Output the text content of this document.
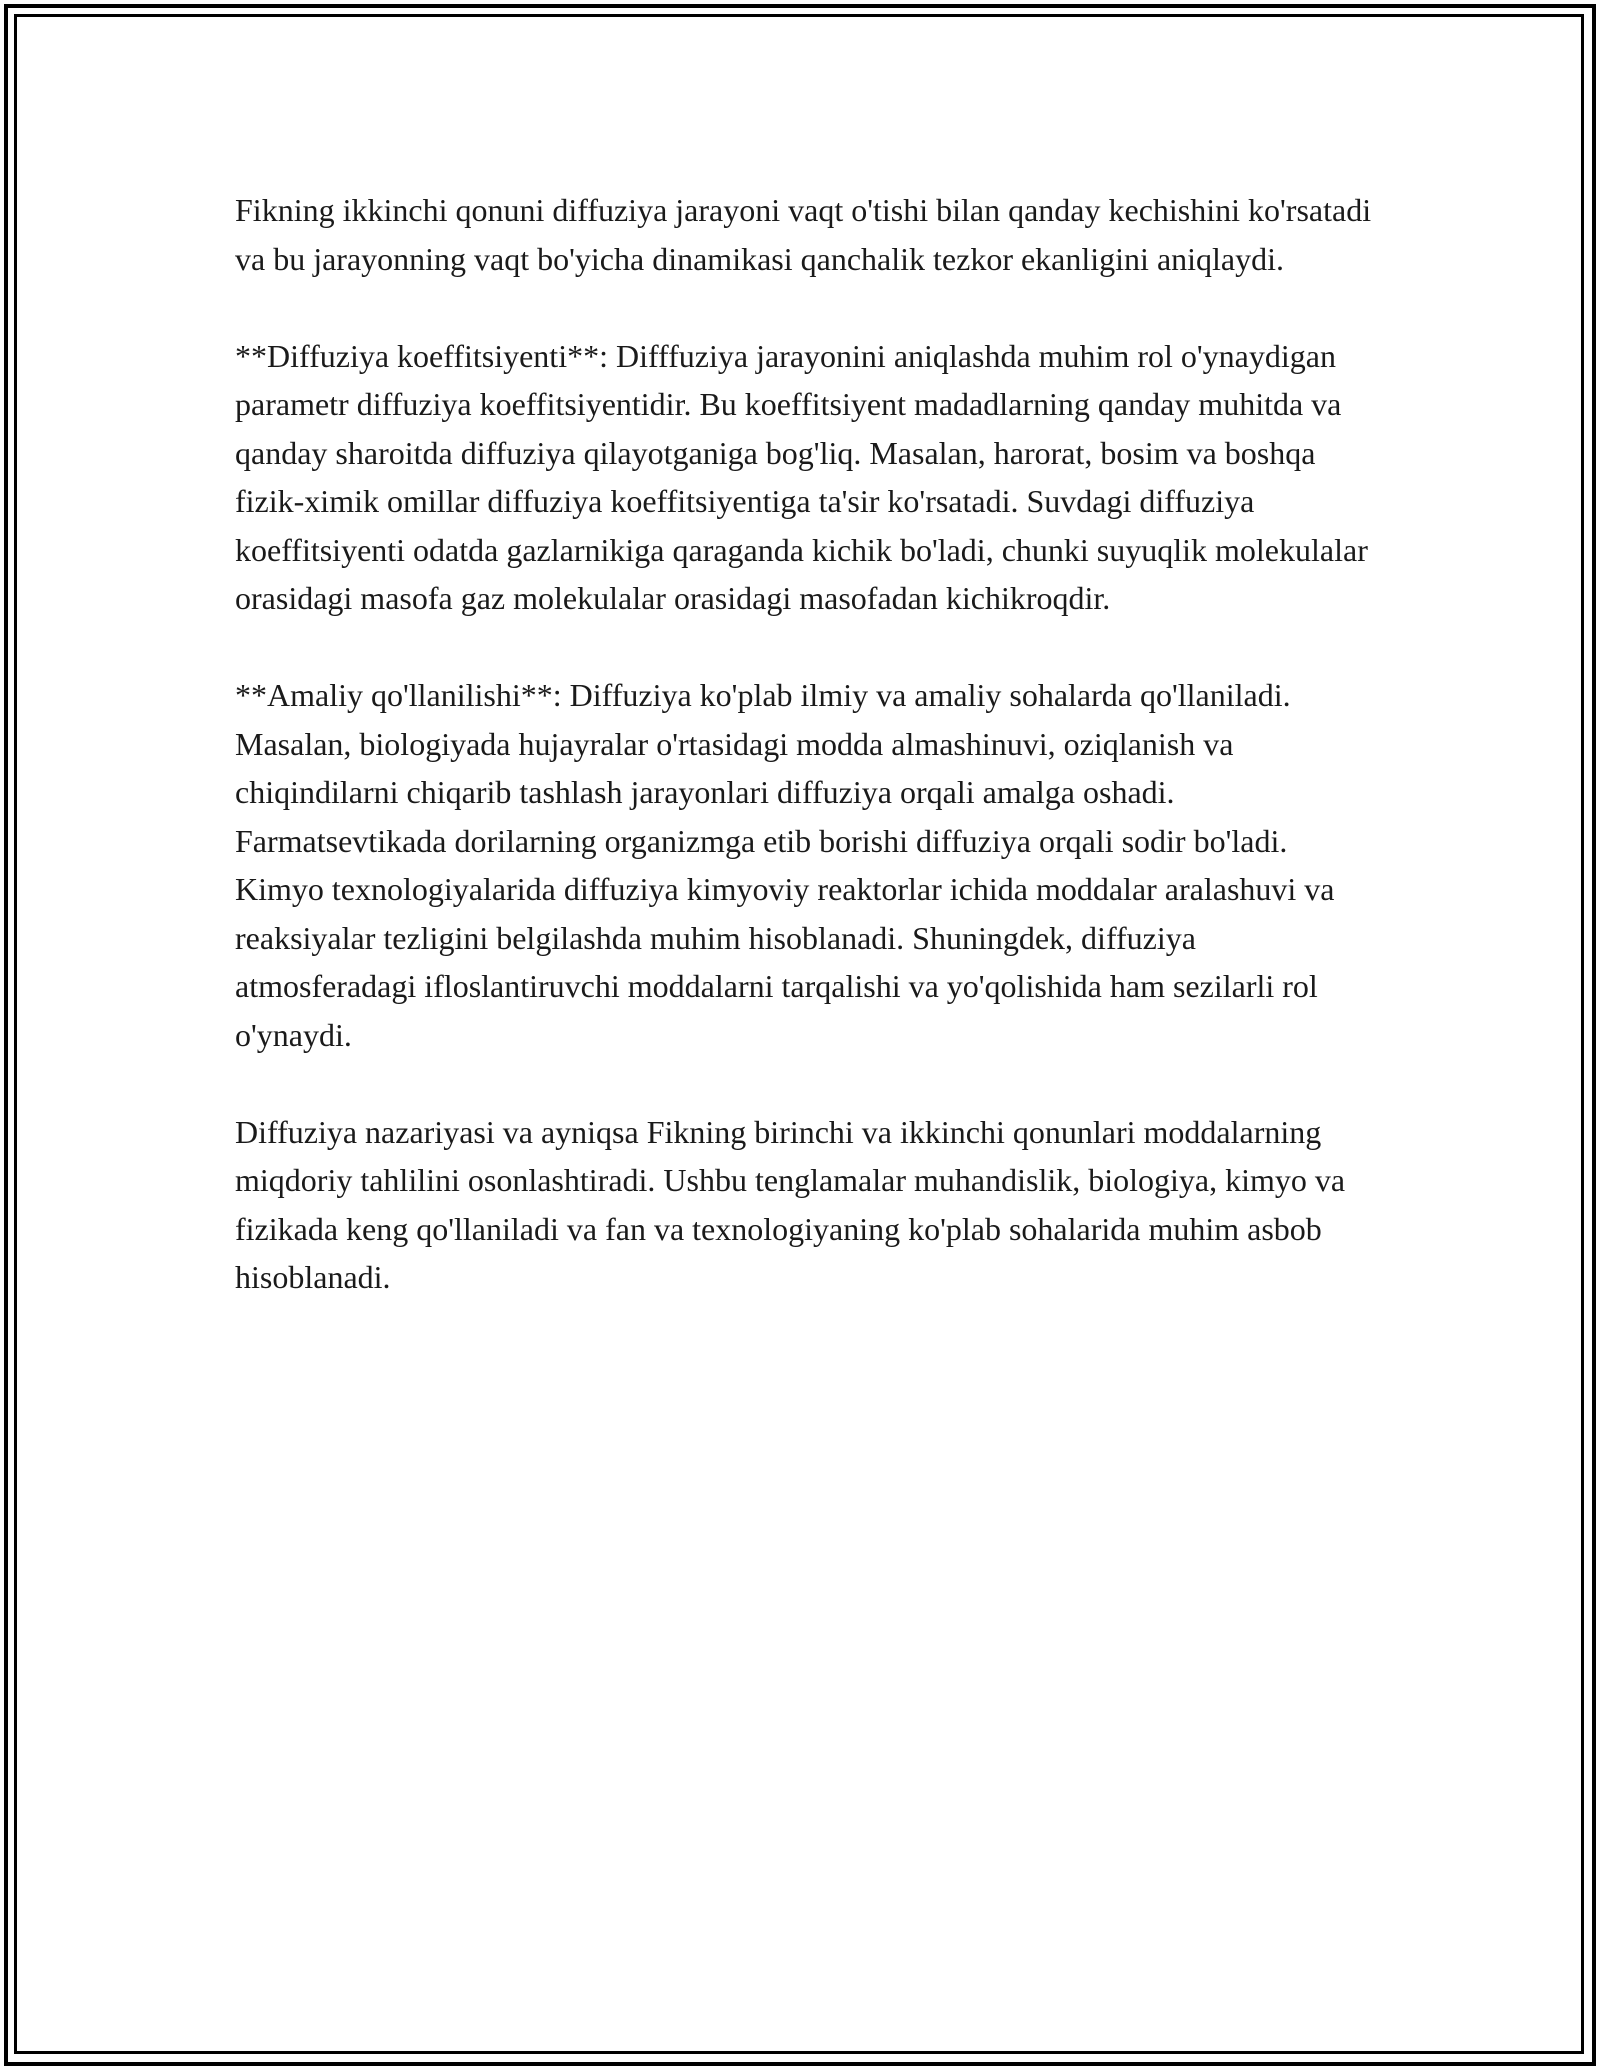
Fikning ikkinchi qonuni diffuziya jarayoni vaqt o'tishi bilan qanday kechishini ko'rsatadi va bu jarayonning vaqt bo'yicha dinamikasi qanchalik tezkor ekanligini aniqlaydi.

**Diffuziya koeffitsiyenti**: Difffuziya jarayonini aniqlashda muhim rol o'ynaydigan parametr diffuziya koeffitsiyentidir. Bu koeffitsiyent madadlarning qanday muhitda va qanday sharoitda diffuziya qilayotganiga bog'liq. Masalan, harorat, bosim va boshqa fizik-ximik omillar diffuziya koeffitsiyentiga ta'sir ko'rsatadi. Suvdagi diffuziya koeffitsiyenti odatda gazlarnikiga qaraganda kichik bo'ladi, chunki suyuqlik molekulalar orasidagi masofa gaz molekulalar orasidagi masofadan kichikroqdir.

**Amaliy qo'llanilishi**: Diffuziya ko'plab ilmiy va amaliy sohalarda qo'llaniladi. Masalan, biologiyada hujayralar o'rtasidagi modda almashinuvi, oziqlanish va chiqindilarni chiqarib tashlash jarayonlari diffuziya orqali amalga oshadi. Farmatsevtikada dorilarning organizmga etib borishi diffuziya orqali sodir bo'ladi. Kimyo texnologiyalarida diffuziya kimyoviy reaktorlar ichida moddalar aralashuvi va reaksiyalar tezligini belgilashda muhim hisoblanadi. Shuningdek, diffuziya atmosferadagi ifloslantiruvchi moddalarni tarqalishi va yo'qolishida ham sezilarli rol o'ynaydi.

Diffuziya nazariyasi va ayniqsa Fikning birinchi va ikkinchi qonunlari moddalarning miqdoriy tahlilini osonlashtiradi. Ushbu tenglamalar muhandislik, biologiya, kimyo va fizikada keng qo'llaniladi va fan va texnologiyaning ko'plab sohalarida muhim asbob hisoblanadi.
